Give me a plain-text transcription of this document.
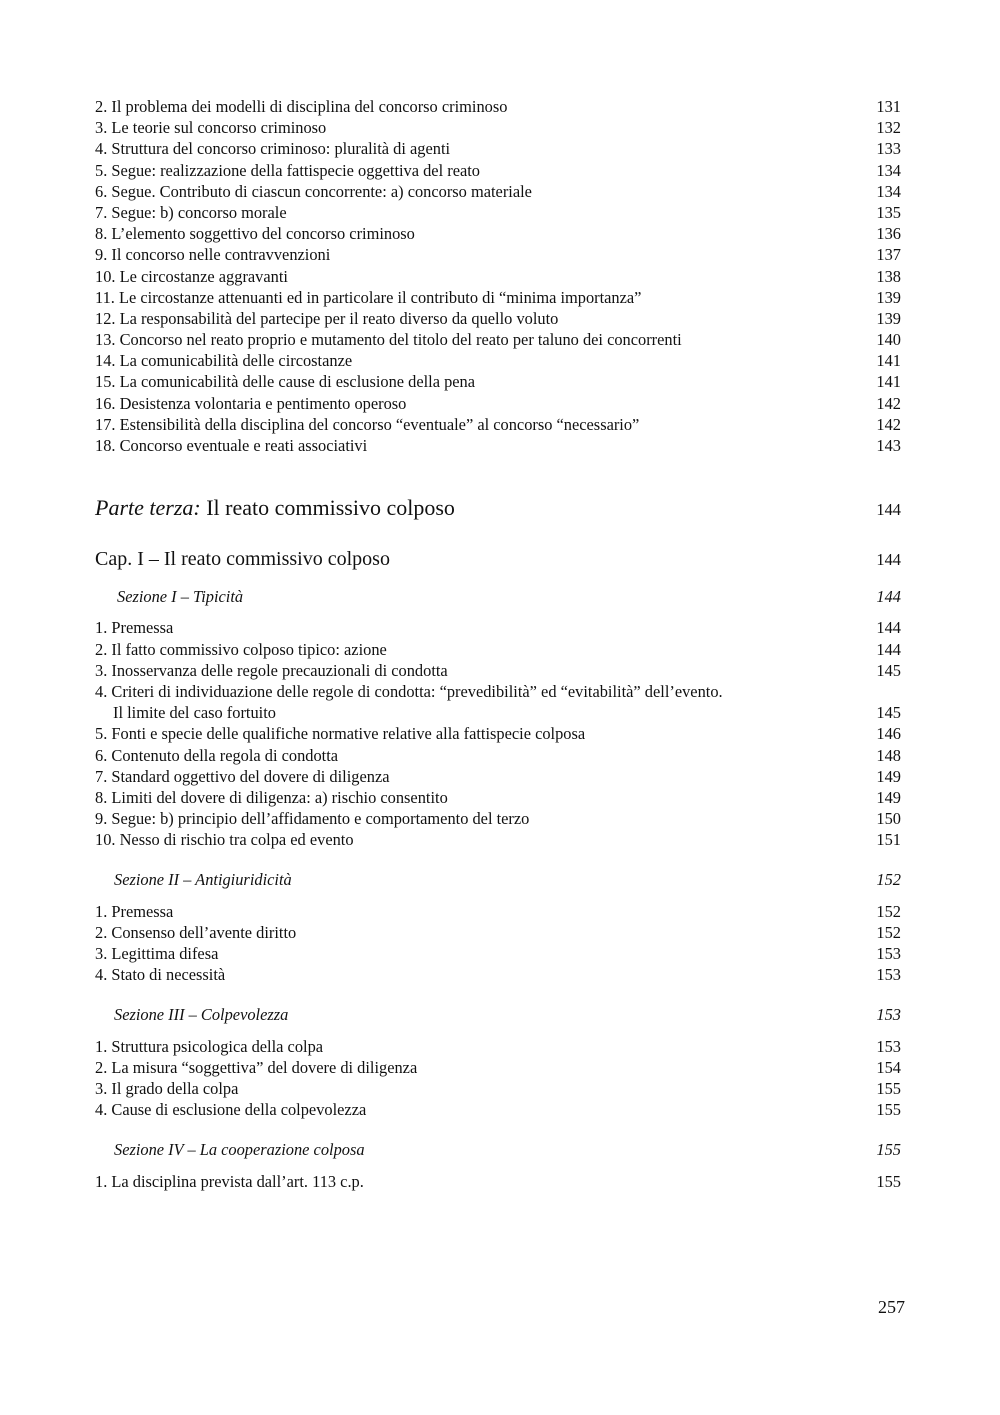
2. Il problema dei modelli di disciplina del concorso criminoso	131
3. Le teorie sul concorso criminoso	132
4. Struttura del concorso criminoso: pluralità di agenti	133
5. Segue: realizzazione della fattispecie oggettiva del reato	134
6. Segue. Contributo di ciascun concorrente: a) concorso materiale	134
7. Segue: b) concorso morale	135
8. L’elemento soggettivo del concorso criminoso	136
9. Il concorso nelle contravvenzioni	137
10. Le circostanze aggravanti	138
11. Le circostanze attenuanti ed in particolare il contributo di “minima importanza”	139
12. La responsabilità del partecipe per il reato diverso da quello voluto	139
13. Concorso nel reato proprio e mutamento del titolo del reato per taluno dei concorrenti	140
14. La comunicabilità delle circostanze	141
15. La comunicabilità delle cause di esclusione della pena	141
16. Desistenza volontaria e pentimento operoso	142
17. Estensibilità della disciplina del concorso “eventuale” al concorso “necessario”	142
18. Concorso eventuale e reati associativi	143
Parte terza: Il reato commissivo colposo	144
Cap. I – Il reato commissivo colposo	144
Sezione I – Tipicità	144
1. Premessa	144
2. Il fatto commissivo colposo tipico: azione	144
3. Inosservanza delle regole precauzionali di condotta	145
4. Criteri di individuazione delle regole di condotta: “prevedibilità” ed “evitabilità” dell’evento.
Il limite del caso fortuito	145
5. Fonti e specie delle qualifiche normative relative alla fattispecie colposa	146
6. Contenuto della regola di condotta	148
7. Standard oggettivo del dovere di diligenza	149
8. Limiti del dovere di diligenza: a) rischio consentito	149
9. Segue: b) principio dell’affidamento e comportamento del terzo	150
10. Nesso di rischio tra colpa ed evento	151
Sezione II – Antigiuridicità	152
1. Premessa	152
2. Consenso dell’avente diritto	152
3. Legittima difesa	153
4. Stato di necessità	153
Sezione III – Colpevolezza	153
1. Struttura psicologica della colpa	153
2. La misura “soggettiva” del dovere di diligenza	154
3. Il grado della colpa	155
4. Cause di esclusione della colpevolezza	155
Sezione IV – La cooperazione colposa	155
1. La disciplina prevista dall’art. 113 c.p.	155
257
